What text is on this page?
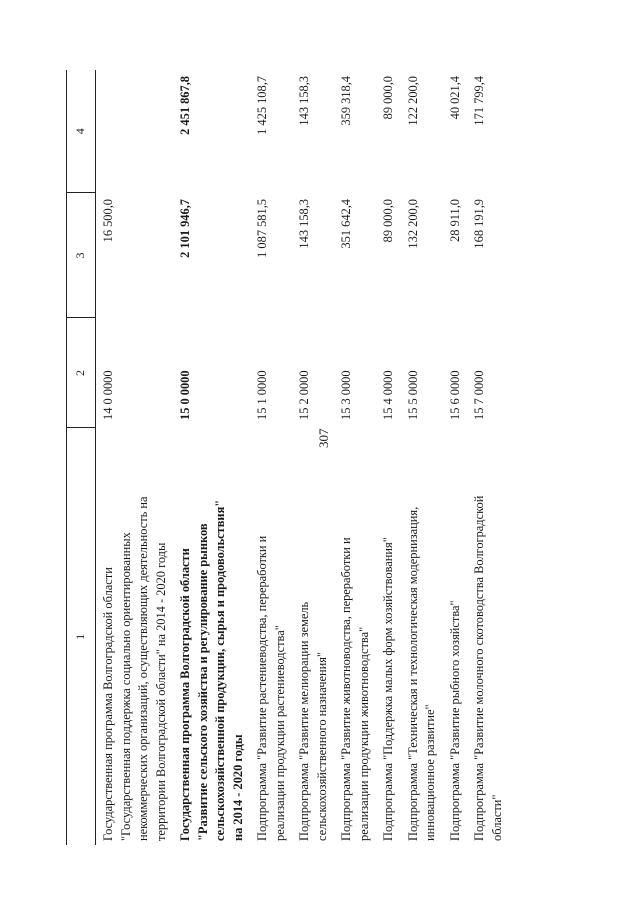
307
1	2	3	4

Государственная программа Волгоградской области "Государственная поддержка социально ориентированных некоммерческих организаций, осуществляющих деятельность на территории Волгоградской области" на 2014 - 2020 годы	14 0 0000	16 500,0	

Государственная программа Волгоградской области "Развитие сельского хозяйства и регулирование рынков сельскохозяйственной продукции, сырья и продовольствия" на 2014 - 2020 годы	15 0 0000	2 101 946,7	2 451 867,8

Подпрограмма "Развитие растениеводства, переработки и реализации продукции растениеводства"	15 1 0000	1 087 581,5	1 425 108,7

Подпрограмма "Развитие мелиорации земель сельскохозяйственного назначения"	15 2 0000	143 158,3	143 158,3

Подпрограмма "Развитие животноводства, переработки и реализации продукции животноводства"	15 3 0000	351 642,4	359 318,4

Подпрограмма "Поддержка малых форм хозяйствования"	15 4 0000	89 000,0	89 000,0

Подпрограмма "Техническая и технологическая модернизация, инновационное развитие"	15 5 0000	132 200,0	122 200,0

Подпрограмма "Развитие рыбного хозяйства"	15 6 0000	28 911,0	40 021,4

Подпрограмма "Развитие молочного скотоводства Волгоградской области"	15 7 0000	168 191,9	171 799,4
